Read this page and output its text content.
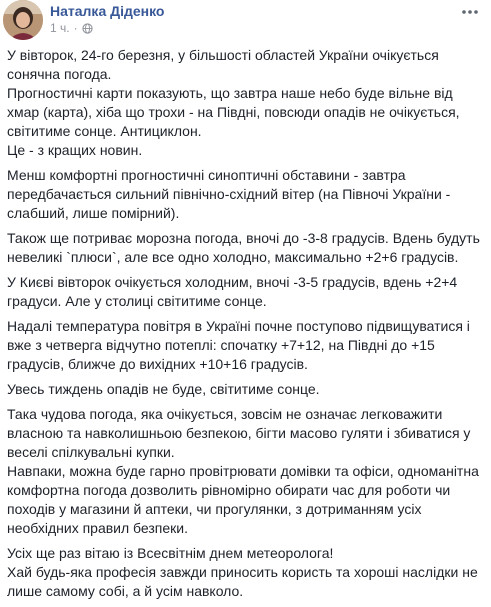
Наталка Діденко
1 ч. ·

У вівторок, 24-го березня, у більшості областей України очікується
сонячна погода.
Прогностичні карти показують, що завтра наше небо буде вільне від
хмар (карта), хіба що трохи - на Півдні, повсюди опадів не очікується,
світитиме сонце. Антициклон.
Це - з кращих новин.

Менш комфортні прогностичні синоптичні обставини - завтра
передбачається сильний північно-східний вітер (на Півночі України -
слабший, лише помірний).

Також ще потриває морозна погода, вночі до -3-8 градусів. Вдень будуть
невеликі `плюси`, але все одно холодно, максимально +2+6 градусів.

У Києві вівторок очікується холодним, вночі -3-5 градусів, вдень +2+4
градуси. Але у столиці світитиме сонце.

Надалі температура повітря в Україні почне поступово підвищуватися і
вже з четверга відчутно потеплі: спочатку +7+12, на Півдні до +15
градусів, ближче до вихідних +10+16 градусів.

Увесь тиждень опадів не буде, світитиме сонце.

Така чудова погода, яка очікується, зовсім не означає легковажити
власною та навколишньою безпекою, бігти масово гуляти і збиватися у
веселі спілкувальні купки.
Навпаки, можна буде гарно провітрювати домівки та офіси, одноманітна
комфортна погода дозволить рівномірно обирати час для роботи чи
походів у магазини й аптеки, чи прогулянки, з дотриманням усіх
необхідних правил безпеки.

Усіх ще раз вітаю із Всесвітнім днем метеоролога!
Хай будь-яка професія завжди приносить користь та хороші наслідки не
лише самому собі, а й усім навколо.
